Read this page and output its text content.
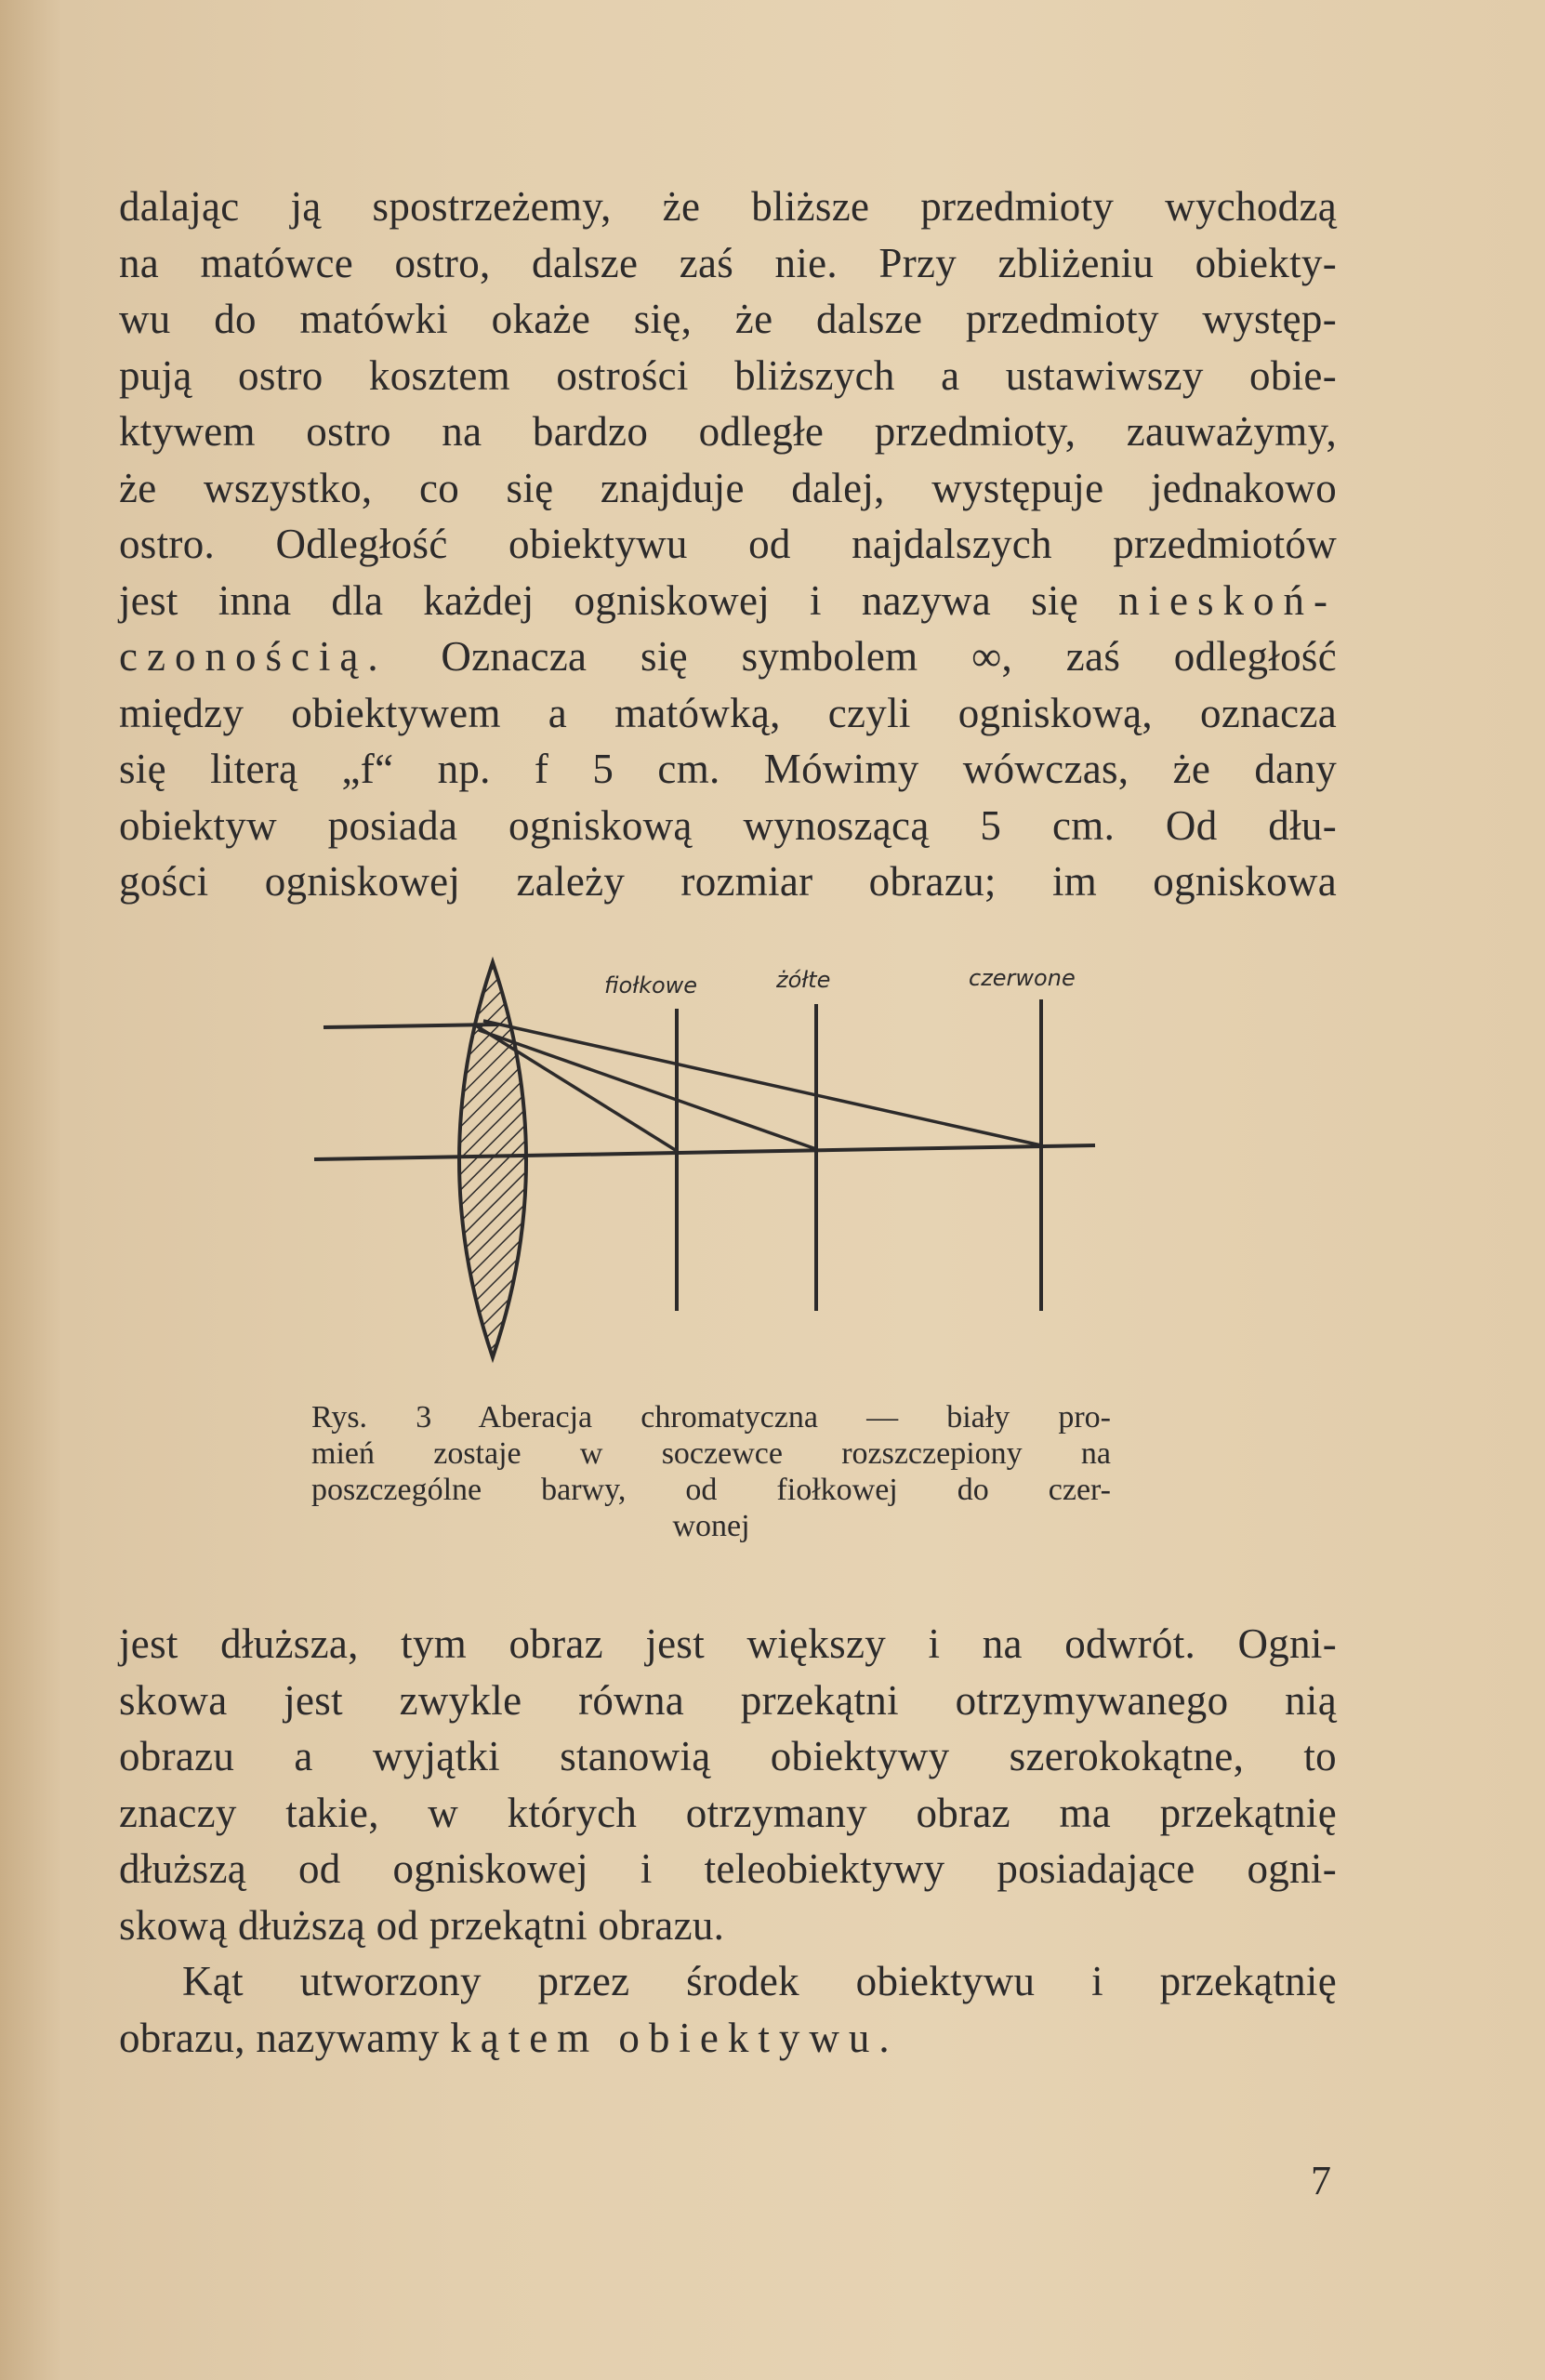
dalając ją spostrzeżemy, że bliższe przedmioty wychodzą
na matówce ostro, dalsze zaś nie. Przy zbliżeniu obiekty-
wu do matówki okaże się, że dalsze przedmioty występ-
pują ostro kosztem ostrości bliższych a ustawiwszy obie-
ktywem ostro na bardzo odległe przedmioty, zauważymy,
że wszystko, co się znajduje dalej, występuje jednakowo
ostro. Odległość obiektywu od najdalszych przedmiotów
jest inna dla każdej ogniskowej i nazywa się nieskoń-
czonością. Oznacza się symbolem ∞, zaś odległość
między obiektywem a matówką, czyli ogniskową, oznacza
się literą „f“ np. f 5 cm. Mówimy wówczas, że dany
obiektyw posiada ogniskową wynoszącą 5 cm. Od dłu-
gości ogniskowej zależy rozmiar obrazu; im ogniskowa
fiołkowe	żółte	czerwone
Rys. 3 Aberacja chromatyczna — biały pro-
mień zostaje w soczewce rozszczepiony na
poszczególne barwy, od fiołkowej do czer-
wonej
jest dłuższa, tym obraz jest większy i na odwrót. Ogni-
skowa jest zwykle równa przekątni otrzymywanego nią
obrazu a wyjątki stanowią obiektywy szerokokątne, to
znaczy takie, w których otrzymany obraz ma przekątnię
dłuższą od ogniskowej i teleobiektywy posiadające ogni-
skową dłuższą od przekątni obrazu.
Kąt utworzony przez środek obiektywu i przekątnię
obrazu, nazywamy kątem obiektywu.
7
